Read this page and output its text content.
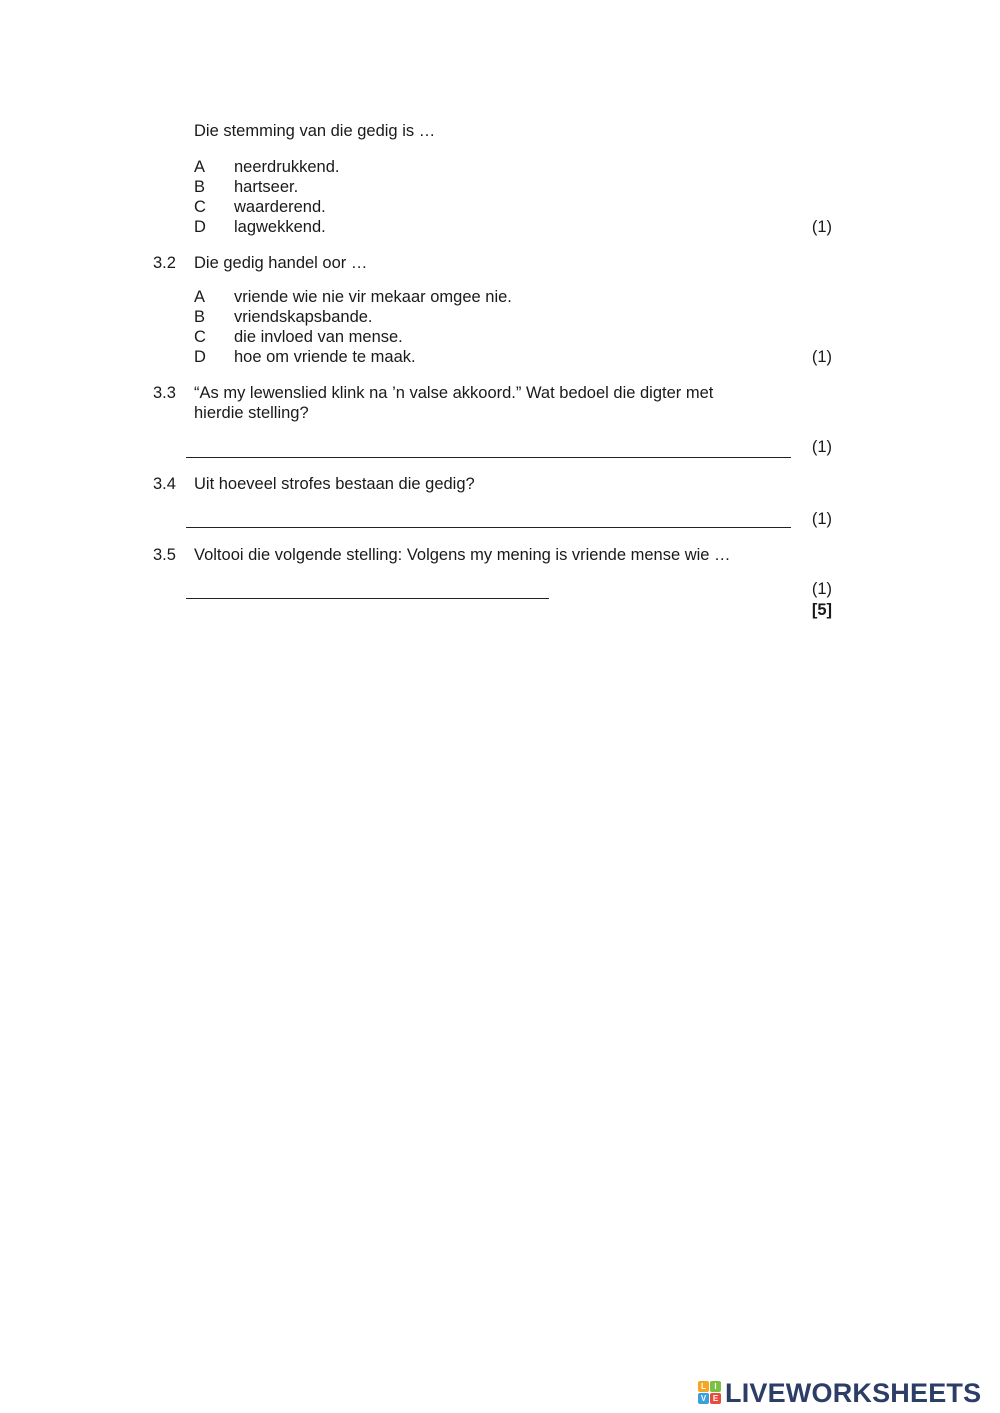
Die stemming van die gedig is …
A neerdrukkend.
B hartseer.
C waarderend.
D lagwekkend.	(1)
3.2 Die gedig handel oor …
A vriende wie nie vir mekaar omgee nie.
B vriendskapsbande.
C die invloed van mense.
D hoe om vriende te maak.	(1)
3.3 “As my lewenslied klink na ’n valse akkoord.” Wat bedoel die digter met
hierdie stelling?
(1)
3.4 Uit hoeveel strofes bestaan die gedig?
(1)
3.5 Voltooi die volgende stelling: Volgens my mening is vriende mense wie …
(1)
[5]
L	I
V E LIVEWORKSHEETS
